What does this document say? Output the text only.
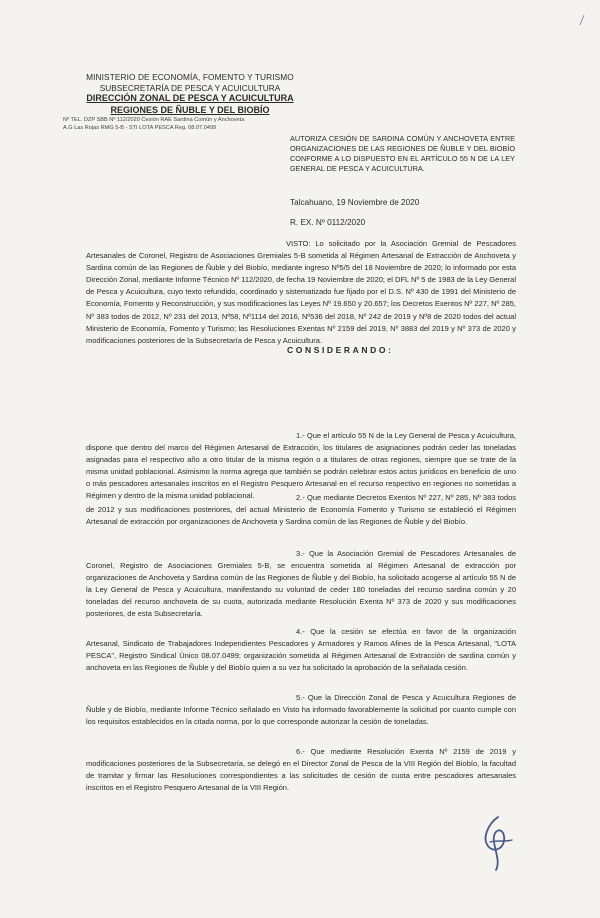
MINISTERIO DE ECONOMÍA, FOMENTO Y TURISMO
SUBSECRETARÍA DE PESCA Y ACUICULTURA
DIRECCIÓN ZONAL DE PESCA Y ACUICULTURA
REGIONES DE ÑUBLE Y DEL BIOBÍO
Nº TEL. DZP SBB Nº 112/2020 Cesión RAE Sardina Común y Anchoveta
A.G Las Rojas RMG 5-B - STI LOTA PESCA Reg. 08.07.0499
AUTORIZA CESIÓN DE SARDINA COMÚN Y ANCHOVETA ENTRE ORGANIZACIONES DE LAS REGIONES DE ÑUBLE Y DEL BIOBÍO CONFORME A LO DISPUESTO EN EL ARTÍCULO 55 N DE LA LEY GENERAL DE PESCA Y ACUICULTURA.
Talcahuano, 19 Noviembre de 2020
R. EX. Nº 0112/2020
VISTO: Lo solicitado por la Asociación Gremial de Pescadores Artesanales de Coronel, Registro de Asociaciones Gremiales 5-B sometida al Régimen Artesanal de Extracción de Anchoveta y Sardina común de las Regiones de Ñuble y del Biobío, mediante ingreso Nº5/5 del 18 Noviembre de 2020; lo informado por esta Dirección Zonal, mediante Informe Técnico Nº 112/2020, de fecha 19 Noviembre de 2020; el DFL Nº 5 de 1983 de la Ley General de Pesca y Acuicultura, cuyo texto refundido, coordinado y sistematizado fue fijado por el D.S. Nº 430 de 1991 del Ministerio de Economía, Fomento y Reconstrucción, y sus modificaciones las Leyes Nº 19.650 y 20.657; los Decretos Exentos Nº 227, Nº 285, Nº 383 todos de 2012, Nº 231 del 2013, Nº58, Nº1114 del 2016, Nº536 del 2018, Nº 242 de 2019 y Nº8 de 2020 todos del actual Ministerio de Economía, Fomento y Turismo; las Resoluciones Exentas Nº 2159 del 2019, Nº 3883 del 2019 y Nº 373 de 2020 y modificaciones posteriores de la Subsecretaría de Pesca y Acuicultura.
CONSIDERANDO:
1.- Que el artículo 55 N de la Ley General de Pesca y Acuicultura, dispone que dentro del marco del Régimen Artesanal de Extracción, los titulares de asignaciones podrán ceder las toneladas asignadas para el respectivo año a otro titular de la misma región o a titulares de otras regiones, siempre que se trate de la misma unidad poblacional. Asimismo la norma agrega que también se podrán celebrar estos actos jurídicos en beneficio de uno o más pescadores artesanales inscritos en el Registro Pesquero Artesanal en el recurso respectivo en regiones no sometidas a Régimen y dentro de la misma unidad poblacional.	2.- Que mediante Decretos Exentos Nº 227, Nº 285, Nº 383 todos de 2012 y sus modificaciones posteriores, del actual Ministerio de Economía Fomento y Turismo se estableció el Régimen Artesanal de extracción por organizaciones de Anchoveta y Sardina común de las Regiones de Ñuble y del Biobío.
3.- Que la Asociación Gremial de Pescadores Artesanales de Coronel, Registro de Asociaciones Gremiales 5-B, se encuentra sometida al Régimen Artesanal de extracción por organizaciones de Anchoveta y Sardina común de las Regiones de Ñuble y del Biobío, ha solicitado acogerse al artículo 55 N de la Ley General de Pesca y Acuicultura, manifestando su voluntad de ceder 180 toneladas del recurso sardina común y 20 toneladas del recurso anchoveta de su cuota, autorizada mediante Resolución Exenta Nº 373 de 2020 y sus modificaciones posteriores, de esta Subsecretaría.
4.- Que la cesión se efectúa en favor de la organización Artesanal, Sindicato de Trabajadores Independientes Pescadores y Armadores y Ramos Afines de la Pesca Artesanal, "LOTA PESCA", Registro Sindical Único 08.07.0499; organización sometida al Régimen Artesanal de Extracción de sardina común y anchoveta en las Regiones de Ñuble y del Biobío quien a su vez ha solicitado la aprobación de la señalada cesión.
5.- Que la Dirección Zonal de Pesca y Acuicultura Regiones de Ñuble y de Biobío, mediante Informe Técnico señalado en Visto ha informado favorablemente la solicitud por cuanto cumple con los requisitos establecidos en la citada norma, por lo que corresponde autorizar la cesión de toneladas.
6.- Que mediante Resolución Exenta Nº 2159 de 2019 y modificaciones posteriores de la Subsecretaría, se delegó en el Director Zonal de Pesca de la VIII Región del Biobío, la facultad de tramitar y firmar las Resoluciones correspondientes a las solicitudes de cesión de cuota entre pescadores artesanales inscritos en el Registro Pesquero Artesanal de la VIII Región.
